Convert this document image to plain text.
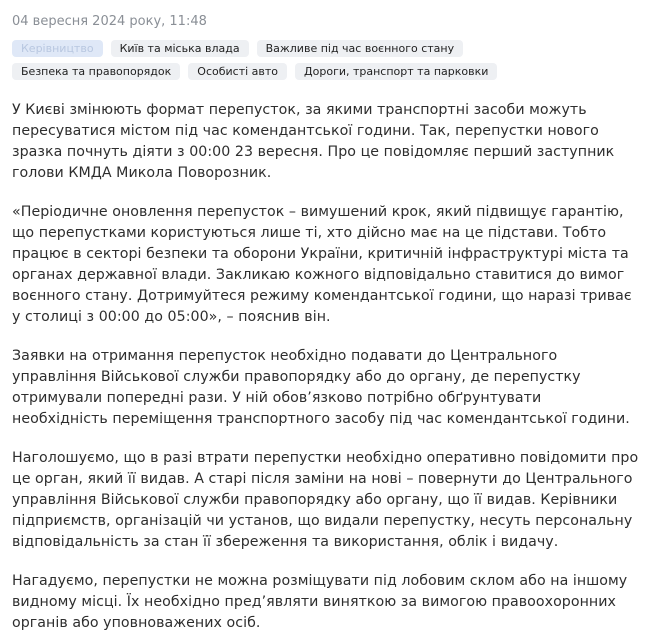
04 вересня 2024 року, 11:48
Керівництво	Київ та міська влада	Важливе під час воєнного стану
Безпека та правопорядок	Особисті авто	Дороги, транспорт та парковки

У Києві змінюють формат перепусток, за якими транспортні засоби можуть пересуватися містом під час комендантської години. Так, перепустки нового зразка почнуть діяти з 00:00 23 вересня. Про це повідомляє перший заступник голови КМДА Микола Поворозник.

«Періодичне оновлення перепусток – вимушений крок, який підвищує гарантію, що перепустками користуються лише ті, хто дійсно має на це підстави. Тобто працює в секторі безпеки та оборони України, критичній інфраструктурі міста та органах державної влади. Закликаю кожного відповідально ставитися до вимог воєнного стану. Дотримуйтеся режиму комендантської години, що наразі триває у столиці з 00:00 до 05:00», – пояснив він.

Заявки на отримання перепусток необхідно подавати до Центрального управління Військової служби правопорядку або до органу, де перепустку отримували попередні рази. У ній обов’язково потрібно обґрунтувати необхідність переміщення транспортного засобу під час комендантської години.

Наголошуємо, що в разі втрати перепустки необхідно оперативно повідомити про це орган, який її видав. А старі після заміни на нові – повернути до Центрального управління Військової служби правопорядку або органу, що її видав. Керівники підприємств, організацій чи установ, що видали перепустку, несуть персональну відповідальність за стан її збереження та використання, облік і видачу.

Нагадуємо, перепустки не можна розміщувати під лобовим склом або на іншому видному місці. Їх необхідно пред’являти виняткою за вимогою правоохоронних органів або уповноважених осіб.
